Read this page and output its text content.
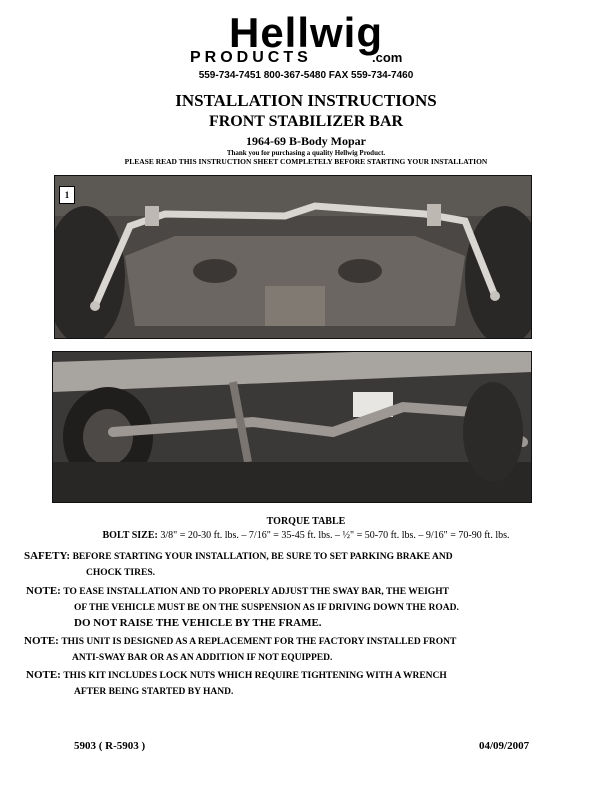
Hellwig
PRODUCTS	.com
559-734-7451 800-367-5480 FAX 559-734-7460
INSTALLATION INSTRUCTIONS
FRONT STABILIZER BAR
1964-69 B-Body Mopar
Thank you for purchasing a quality Hellwig Product.
PLEASE READ THIS INSTRUCTION SHEET COMPLETELY BEFORE STARTING YOUR INSTALLATION
1
TORQUE TABLE
BOLT SIZE: 3/8" = 20-30 ft. lbs. – 7/16" = 35-45 ft. lbs. – ½" = 50-70 ft. lbs. – 9/16" = 70-90 ft. lbs.
SAFETY: BEFORE STARTING YOUR INSTALLATION, BE SURE TO SET PARKING BRAKE AND
CHOCK TIRES.
NOTE: TO EASE INSTALLATION AND TO PROPERLY ADJUST THE SWAY BAR, THE WEIGHT
OF THE VEHICLE MUST BE ON THE SUSPENSION AS IF DRIVING DOWN THE ROAD.
DO NOT RAISE THE VEHICLE BY THE FRAME.
NOTE: THIS UNIT IS DESIGNED AS A REPLACEMENT FOR THE FACTORY INSTALLED FRONT
ANTI-SWAY BAR OR AS AN ADDITION IF NOT EQUIPPED.
NOTE: THIS KIT INCLUDES LOCK NUTS WHICH REQUIRE TIGHTENING WITH A WRENCH
AFTER BEING STARTED BY HAND.
5903 ( R-5903 )	04/09/2007
